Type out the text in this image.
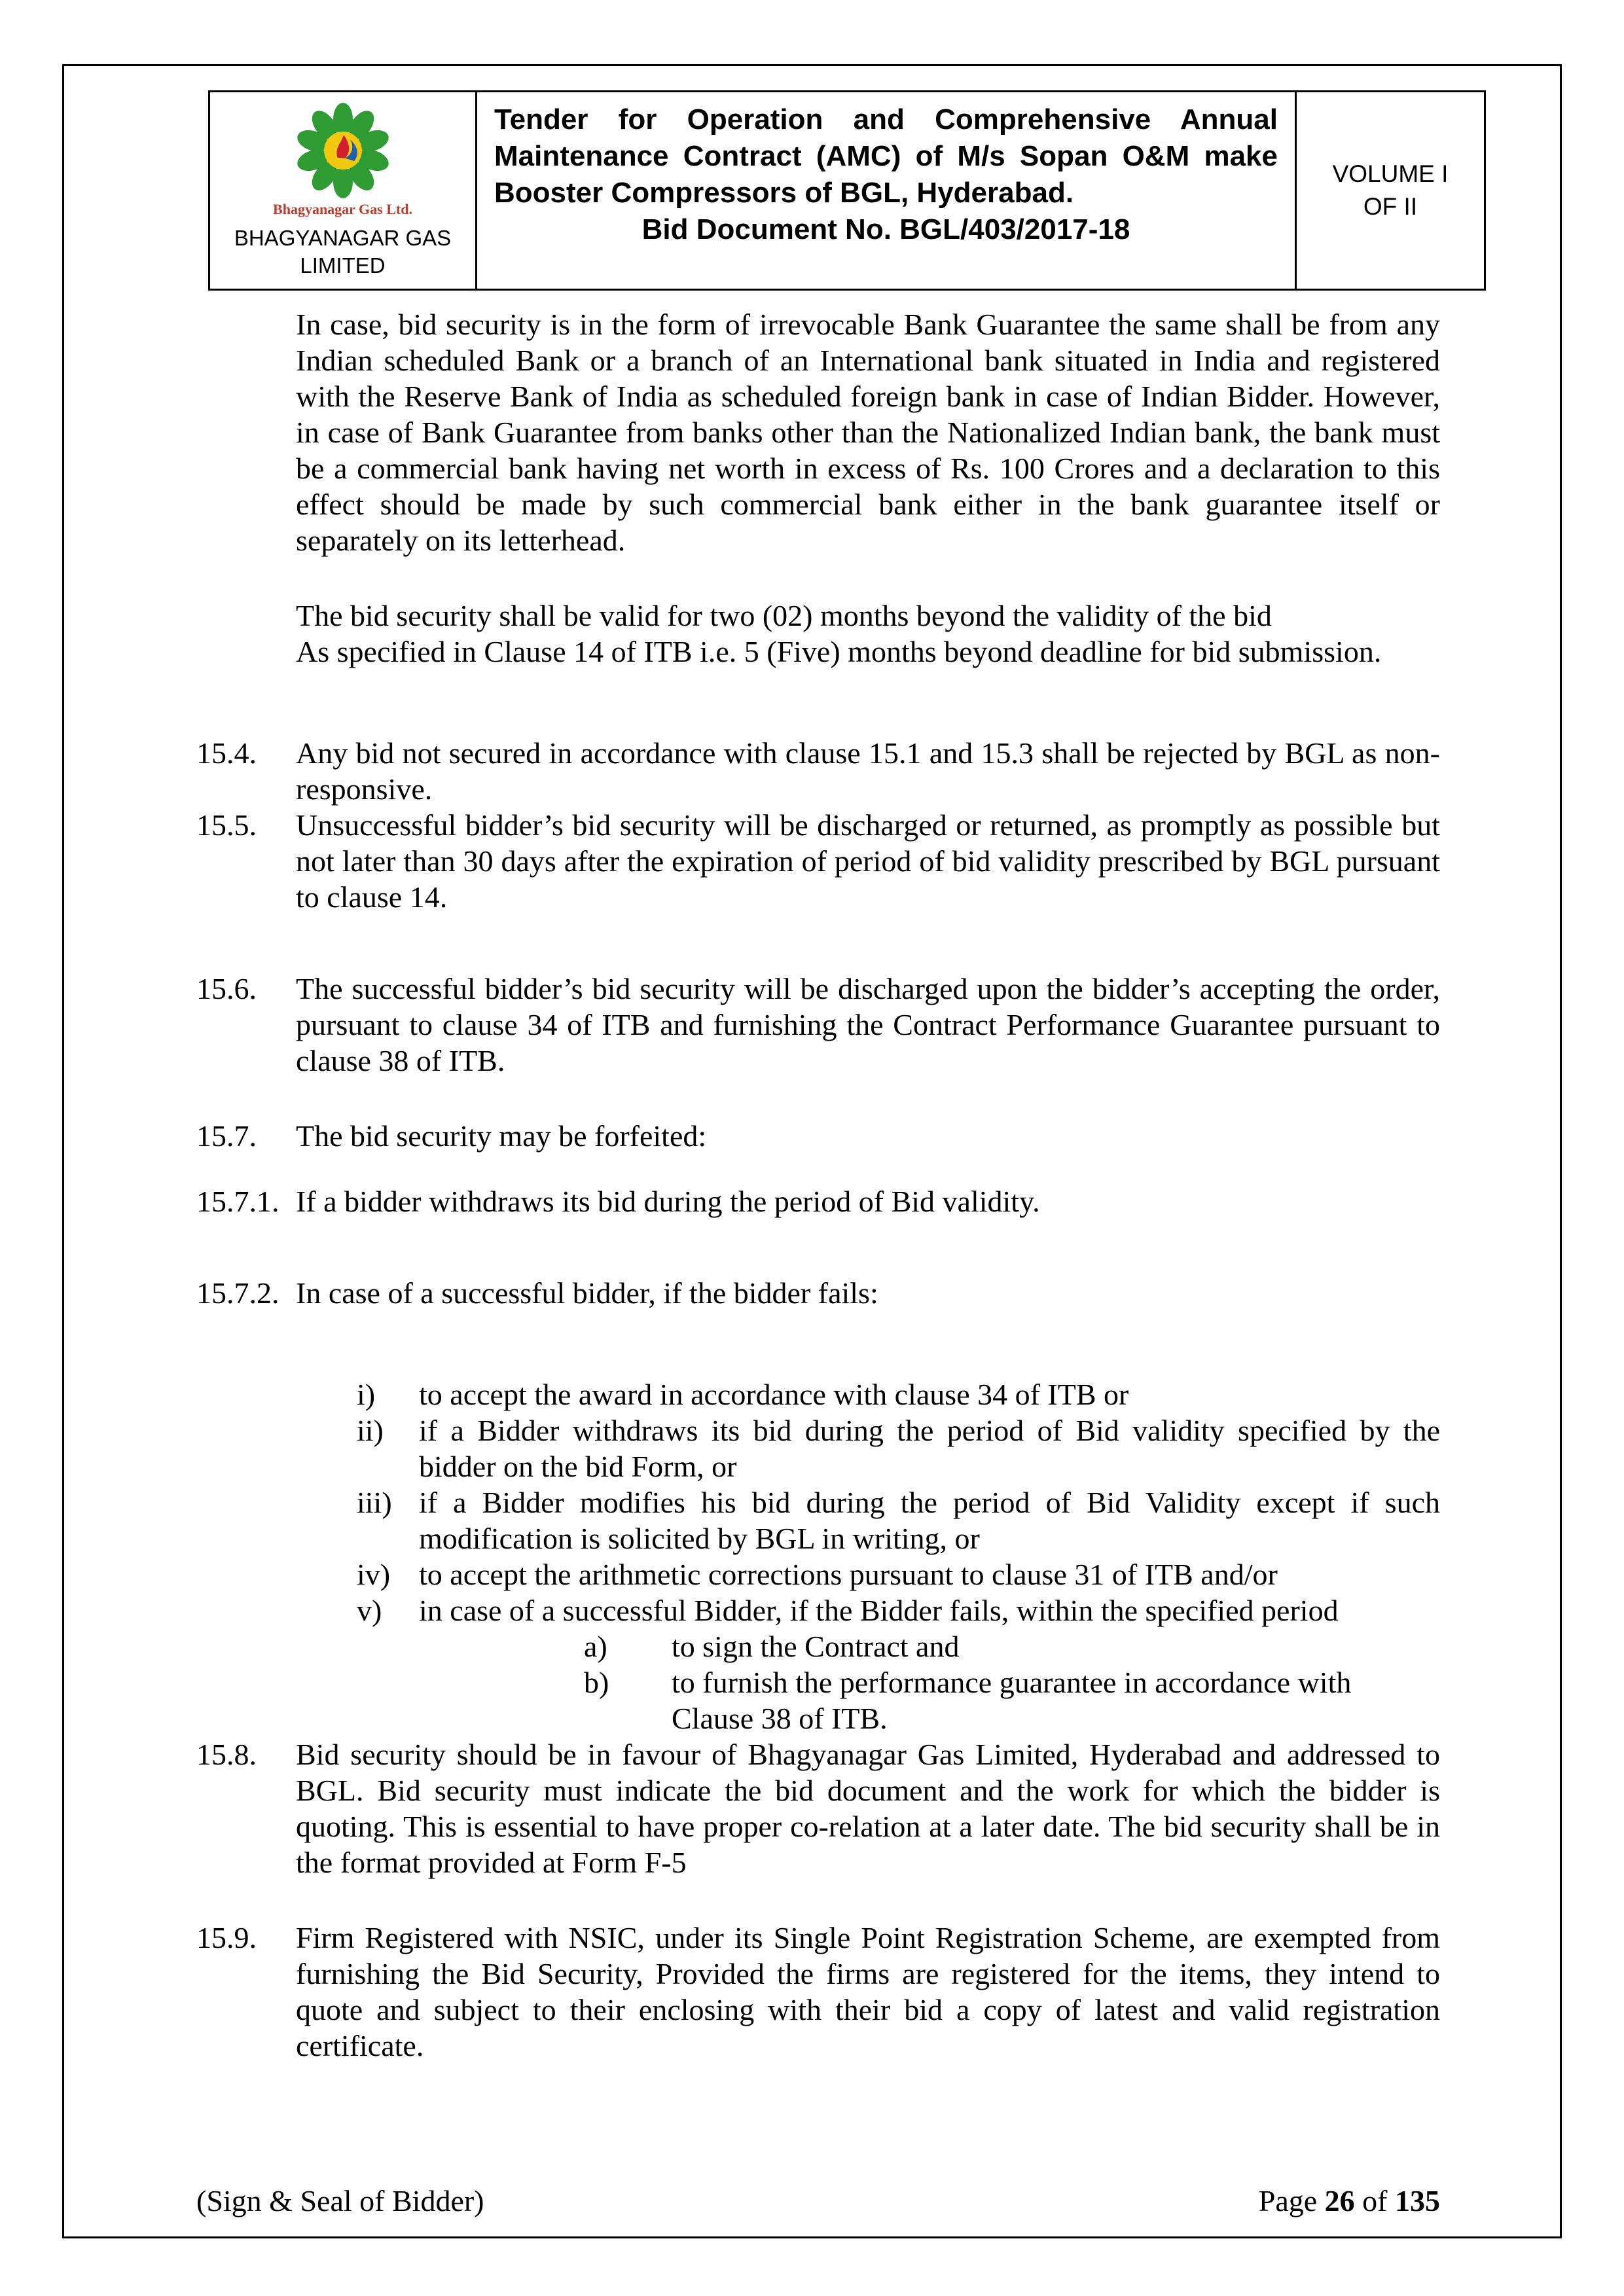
Bhagyanagar Gas Ltd.
BHAGYANAGAR GAS
LIMITED
Tender for Operation and Comprehensive Annual Maintenance Contract (AMC) of M/s Sopan O&M make Booster Compressors of BGL, Hyderabad.
Bid Document No. BGL/403/2017-18
VOLUME I
OF II

In case, bid security is in the form of irrevocable Bank Guarantee the same shall be from any Indian scheduled Bank or a branch of an International bank situated in India and registered with the Reserve Bank of India as scheduled foreign bank in case of Indian Bidder. However, in case of Bank Guarantee from banks other than the Nationalized Indian bank, the bank must be a commercial bank having net worth in excess of Rs. 100 Crores and a declaration to this effect should be made by such commercial bank either in the bank guarantee itself or separately on its letterhead.

The bid security shall be valid for two (02) months beyond the validity of the bid
As specified in Clause 14 of ITB i.e. 5 (Five) months beyond deadline for bid submission.

15.4.	Any bid not secured in accordance with clause 15.1 and 15.3 shall be rejected by BGL as non-responsive.
15.5.	Unsuccessful bidder’s bid security will be discharged or returned, as promptly as possible but not later than 30 days after the expiration of period of bid validity prescribed by BGL pursuant to clause 14.
15.6.	The successful bidder’s bid security will be discharged upon the bidder’s accepting the order, pursuant to clause 34 of ITB and furnishing the Contract Performance Guarantee pursuant to clause 38 of ITB.
15.7.	The bid security may be forfeited:
15.7.1. If a bidder withdraws its bid during the period of Bid validity.
15.7.2. In case of a successful bidder, if the bidder fails:
i)	to accept the award in accordance with clause 34 of ITB or
ii)	if a Bidder withdraws its bid during the period of Bid validity specified by the bidder on the bid Form, or
iii) if a Bidder modifies his bid during the period of Bid Validity except if such modification is solicited by BGL in writing, or
iv) to accept the arithmetic corrections pursuant to clause 31 of ITB and/or
v)	in case of a successful Bidder, if the Bidder fails, within the specified period
a)	to sign the Contract and
b)	to furnish the performance guarantee in accordance with Clause 38 of ITB.
15.8.	Bid security should be in favour of Bhagyanagar Gas Limited, Hyderabad and addressed to BGL. Bid security must indicate the bid document and the work for which the bidder is quoting. This is essential to have proper co-relation at a later date. The bid security shall be in the format provided at Form F-5
15.9.	Firm Registered with NSIC, under its Single Point Registration Scheme, are exempted from furnishing the Bid Security, Provided the firms are registered for the items, they intend to quote and subject to their enclosing with their bid a copy of latest and valid registration certificate.
(Sign & Seal of Bidder)	Page 26 of 135
